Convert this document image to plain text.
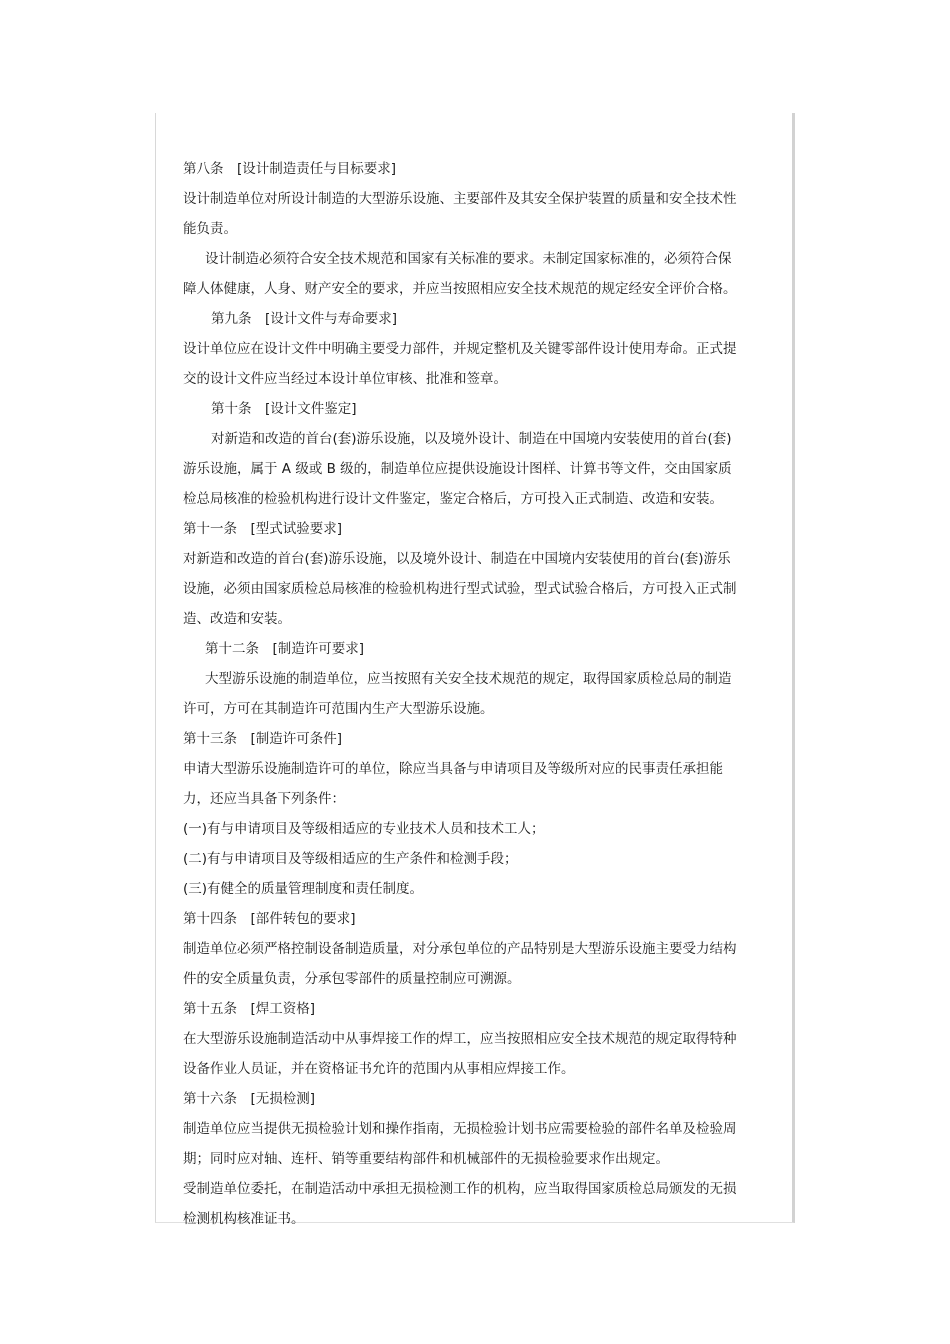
第八条　[设计制造责任与目标要求]
设计制造单位对所设计制造的大型游乐设施、主要部件及其安全保护装置的质量和安全技术性
能负责。
设计制造必须符合安全技术规范和国家有关标准的要求。未制定国家标准的，必须符合保
障人体健康，人身、财产安全的要求，并应当按照相应安全技术规范的规定经安全评价合格。
第九条　[设计文件与寿命要求]
设计单位应在设计文件中明确主要受力部件，并规定整机及关键零部件设计使用寿命。正式提
交的设计文件应当经过本设计单位审核、批准和签章。
第十条　[设计文件鉴定]
对新造和改造的首台(套)游乐设施，以及境外设计、制造在中国境内安装使用的首台(套)
游乐设施，属于 A 级或 B 级的，制造单位应提供设施设计图样、计算书等文件，交由国家质
检总局核准的检验机构进行设计文件鉴定，鉴定合格后，方可投入正式制造、改造和安装。
第十一条　[型式试验要求]
对新造和改造的首台(套)游乐设施，以及境外设计、制造在中国境内安装使用的首台(套)游乐
设施，必须由国家质检总局核准的检验机构进行型式试验，型式试验合格后，方可投入正式制
造、改造和安装。
第十二条　[制造许可要求]
大型游乐设施的制造单位，应当按照有关安全技术规范的规定，取得国家质检总局的制造
许可，方可在其制造许可范围内生产大型游乐设施。
第十三条　[制造许可条件]
申请大型游乐设施制造许可的单位，除应当具备与申请项目及等级所对应的民事责任承担能
力，还应当具备下列条件：
(一)有与申请项目及等级相适应的专业技术人员和技术工人；
(二)有与申请项目及等级相适应的生产条件和检测手段；
(三)有健全的质量管理制度和责任制度。
第十四条　[部件转包的要求]
制造单位必须严格控制设备制造质量，对分承包单位的产品特别是大型游乐设施主要受力结构
件的安全质量负责，分承包零部件的质量控制应可溯源。
第十五条　[焊工资格]
在大型游乐设施制造活动中从事焊接工作的焊工，应当按照相应安全技术规范的规定取得特种
设备作业人员证，并在资格证书允许的范围内从事相应焊接工作。
第十六条　[无损检测]
制造单位应当提供无损检验计划和操作指南，无损检验计划书应需要检验的部件名单及检验周
期；同时应对轴、连杆、销等重要结构部件和机械部件的无损检验要求作出规定。
受制造单位委托，在制造活动中承担无损检测工作的机构，应当取得国家质检总局颁发的无损
检测机构核准证书。
